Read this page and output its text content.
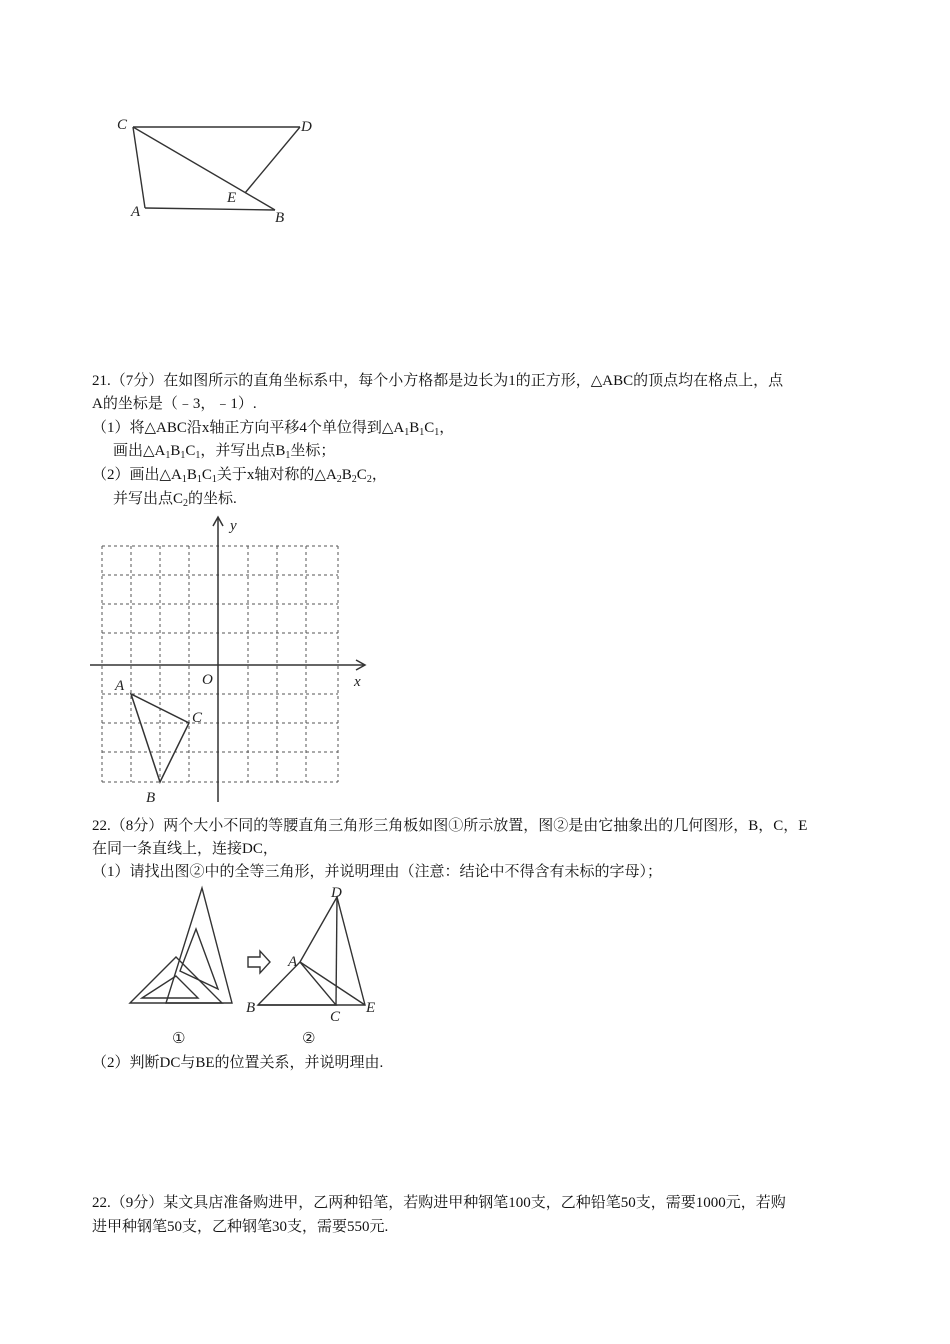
C	D
A
E
B
21.（7分）在如图所示的直角坐标系中，每个小方格都是边长为1的正方形，△ABC的顶点均在格点上，点
A的坐标是（﹣3，﹣1）.
（1）将△ABC沿x轴正方向平移4个单位得到$\triangle A_1B_1C_1$，
画出$\triangle A_1B_1C_1$，并写出点$B_1$坐标；
（2）画出$\triangle A_1B_1C_1$关于x轴对称的$\triangle A_2B_2C_2$，
并写出点$C_2$的坐标.
y
x
O
A
B
C
22.（8分）两个大小不同的等腰直角三角形三角板如图①所示放置，图②是由它抽象出的几何图形，B，C，E
在同一条直线上，连接DC，
（1）请找出图②中的全等三角形，并说明理由（注意：结论中不得含有未标的字母）；
①	②
D
A
B
C
E
（2）判断DC与BE的位置关系，并说明理由.
22.（9分）某文具店准备购进甲，乙两种铅笔，若购进甲种钢笔100支，乙种铅笔50支，需要1000元，若购
进甲种钢笔50支，乙种钢笔30支，需要550元.
